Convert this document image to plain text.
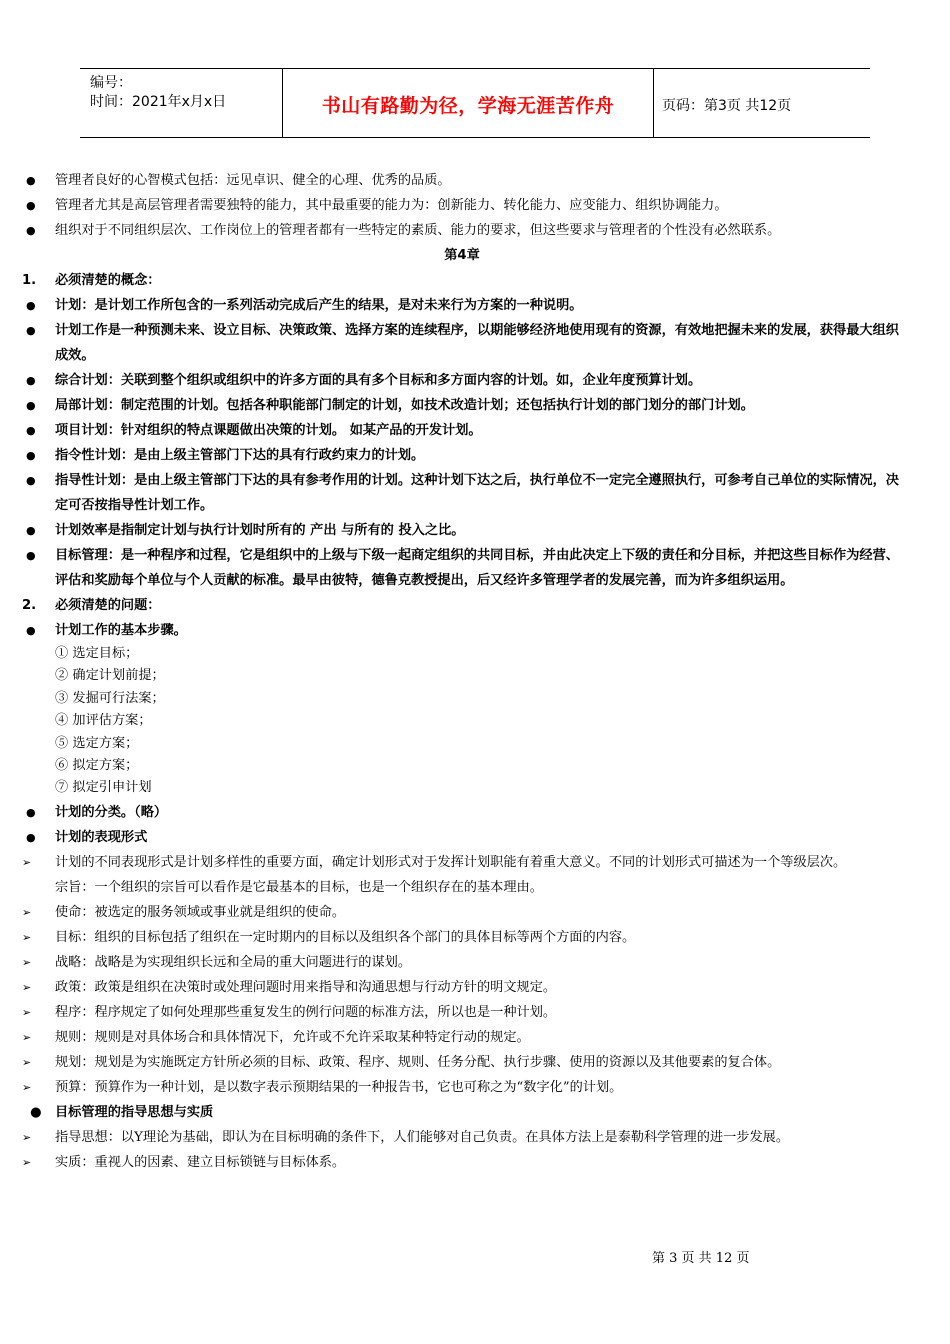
编号：
时间：2021年x月x日	书山有路勤为径，学海无涯苦作舟	页码：第3页 共12页
●	管理者良好的心智模式包括：远见卓识、健全的心理、优秀的品质。
●	管理者尤其是高层管理者需要独特的能力，其中最重要的能力为：创新能力、转化能力、应变能力、组织协调能力。
●	组织对于不同组织层次、工作岗位上的管理者都有一些特定的素质、能力的要求，但这些要求与管理者的个性没有必然联系。
第4章
1.	必须清楚的概念：
●	计划：是计划工作所包含的一系列活动完成后产生的结果，是对未来行为方案的一种说明。
●	计划工作是一种预测未来、设立目标、决策政策、选择方案的连续程序，以期能够经济地使用现有的资源，有效地把握未来的发展，获得最大组织成效。
●	综合计划：关联到整个组织或组织中的许多方面的具有多个目标和多方面内容的计划。如，企业年度预算计划。
●	局部计划：制定范围的计划。包括各种职能部门制定的计划，如技术改造计划；还包括执行计划的部门划分的部门计划。
●	项目计划：针对组织的特点课题做出决策的计划。 如某产品的开发计划。
●	指令性计划：是由上级主管部门下达的具有行政约束力的计划。
●	指导性计划：是由上级主管部门下达的具有参考作用的计划。这种计划下达之后，执行单位不一定完全遵照执行，可参考自己单位的实际情况，决定可否按指导性计划工作。
●	计划效率是指制定计划与执行计划时所有的 产出 与所有的 投入之比。
●	目标管理：是一种程序和过程，它是组织中的上级与下级一起商定组织的共同目标，并由此决定上下级的责任和分目标，并把这些目标作为经营、评估和奖励每个单位与个人贡献的标准。最早由彼特，德鲁克教授提出，后又经许多管理学者的发展完善，而为许多组织运用。
2.	必须清楚的问题：
●	计划工作的基本步骤。
① 选定目标；
② 确定计划前提；
③ 发掘可行法案；
④ 加评估方案；
⑤ 选定方案；
⑥ 拟定方案；
⑦ 拟定引申计划
●	计划的分类。（略）
●	计划的表现形式
➢	计划的不同表现形式是计划多样性的重要方面，确定计划形式对于发挥计划职能有着重大意义。不同的计划形式可描述为一个等级层次。
宗旨：一个组织的宗旨可以看作是它最基本的目标，也是一个组织存在的基本理由。
➢	使命：被选定的服务领域或事业就是组织的使命。
➢	目标：组织的目标包括了组织在一定时期内的目标以及组织各个部门的具体目标等两个方面的内容。
➢	战略：战略是为实现组织长远和全局的重大问题进行的谋划。
➢	政策：政策是组织在决策时或处理问题时用来指导和沟通思想与行动方针的明文规定。
➢	程序：程序规定了如何处理那些重复发生的例行问题的标准方法，所以也是一种计划。
➢	规则：规则是对具体场合和具体情况下，允许或不允许采取某种特定行动的规定。
➢	规划：规划是为实施既定方针所必须的目标、政策、程序、规则、任务分配、执行步骤、使用的资源以及其他要素的复合体。
➢	预算：预算作为一种计划，是以数字表示预期结果的一种报告书，它也可称之为“数字化”的计划。
●	目标管理的指导思想与实质
➢	指导思想：以Y理论为基础，即认为在目标明确的条件下，人们能够对自己负责。在具体方法上是泰勒科学管理的进一步发展。
➢	实质：重视人的因素、建立目标锁链与目标体系。
第 3 页 共 12 页
